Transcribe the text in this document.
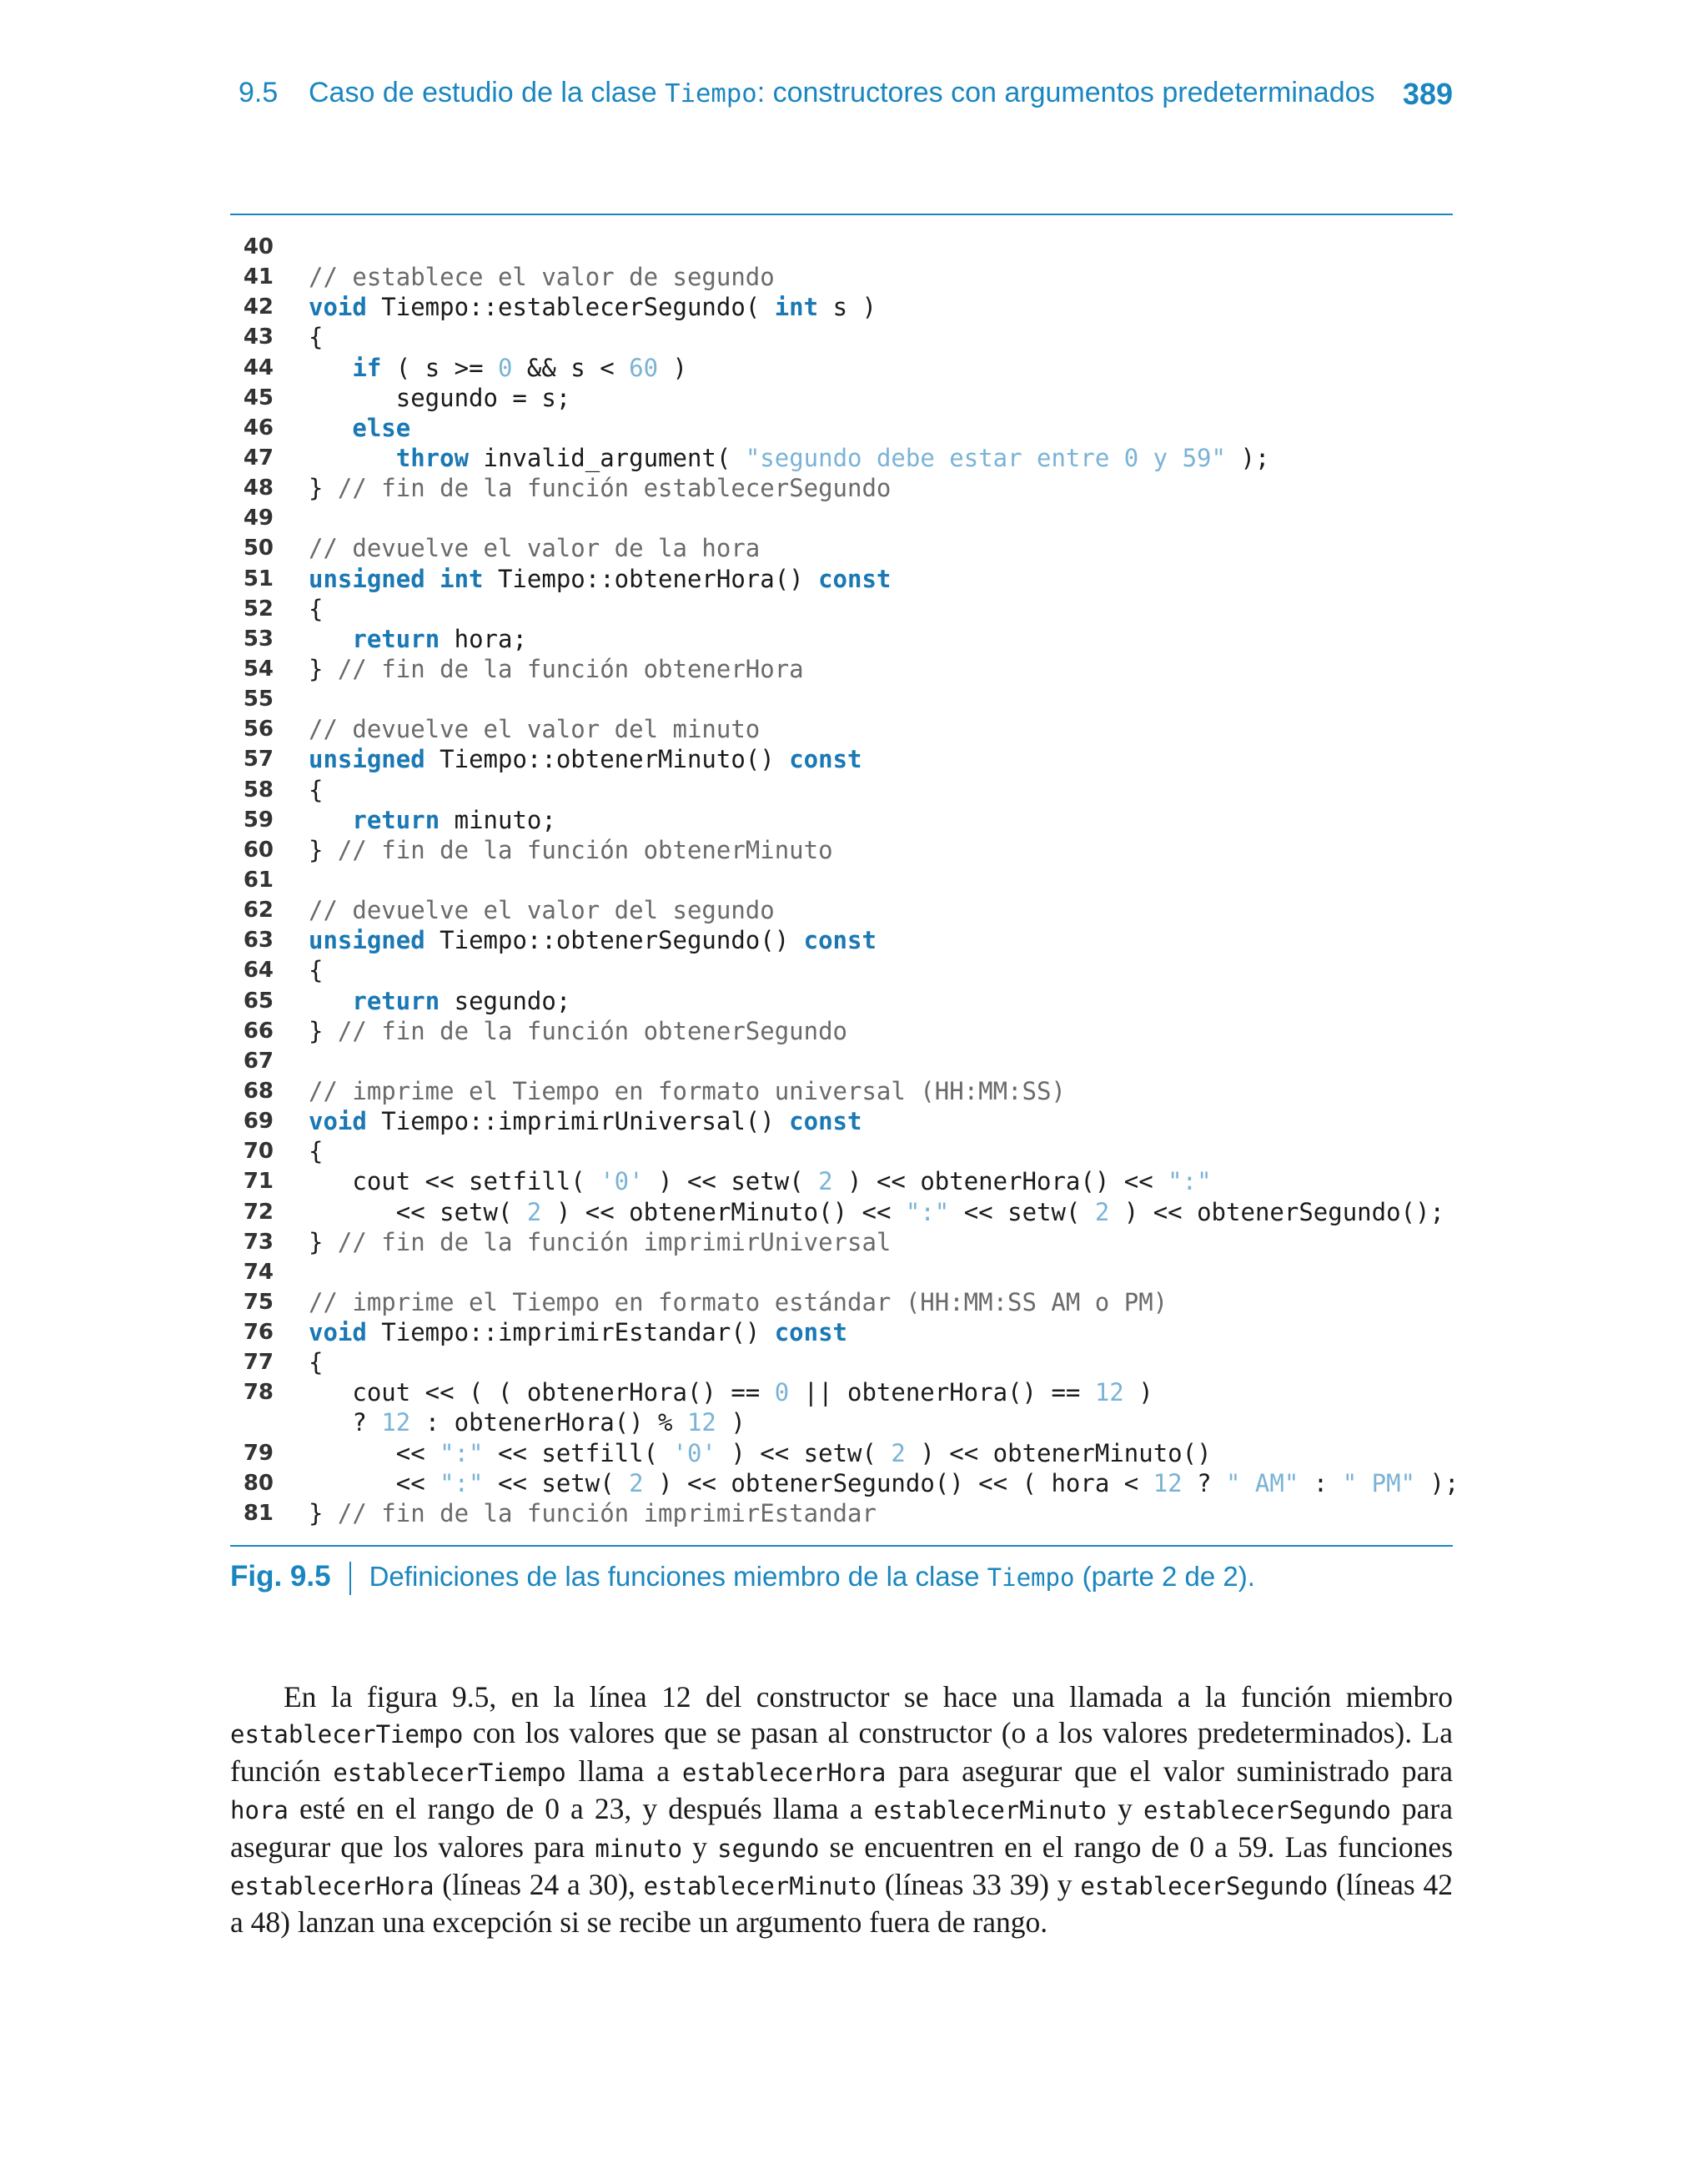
9.5 Caso de estudio de la clase Tiempo: constructores con argumentos predeterminados 389
40
41 // establece el valor de segundo
42 void Tiempo::establecerSegundo( int s )
43 {
44	if ( s >= 0 && s < 60 )
45 segundo = s;
46	else
47	throw invalid_argument( "segundo debe estar entre 0 y 59" );
48 } // fin de la función establecerSegundo
49
50 // devuelve el valor de la hora
51 unsigned int Tiempo::obtenerHora() const
52 {
53	return hora;
54 } // fin de la función obtenerHora
55
56 // devuelve el valor del minuto
57 unsigned Tiempo::obtenerMinuto() const
58 {
59	return minuto;
60 } // fin de la función obtenerMinuto
61
62 // devuelve el valor del segundo
63 unsigned Tiempo::obtenerSegundo() const
64 {
65	return segundo;
66 } // fin de la función obtenerSegundo
67
68 // imprime el Tiempo en formato universal (HH:MM:SS)
69 void Tiempo::imprimirUniversal() const
70 {
71 cout << setfill( '0' ) << setw( 2 ) << obtenerHora() << ":"
72 << setw( 2 ) << obtenerMinuto() << ":" << setw( 2 ) << obtenerSegundo();
73 } // fin de la función imprimirUniversal
74
75 // imprime el Tiempo en formato estándar (HH:MM:SS AM o PM)
76 void Tiempo::imprimirEstandar() const
77 {
78 cout << ( ( obtenerHora() == 0 || obtenerHora() == 12 )
? 12 : obtenerHora() % 12 )
79 << ":" << setfill( '0' ) << setw( 2 ) << obtenerMinuto()
80 << ":" << setw( 2 ) << obtenerSegundo() << ( hora < 12 ? " AM" : " PM" );
81 } // fin de la función imprimirEstandar
Fig. 9.5 Definiciones de las funciones miembro de la clase Tiempo (parte 2 de 2).
En la figura 9.5, en la línea 12 del constructor se hace una llamada a la función miembro establecerTiempo con los valores que se pasan al constructor (o a los valores predeterminados). La función establecerTiempo llama a establecerHora para asegurar que el valor suministrado para hora esté en el rango de 0 a 23, y después llama a establecerMinuto y establecerSegundo para asegurar que los valores para minuto y segundo se encuentren en el rango de 0 a 59. Las funciones establecerHora (líneas 24 a 30), establecerMinuto (líneas 33 39) y establecerSegundo (líneas 42 a 48) lanzan una excepción si se recibe un argumento fuera de rango.
